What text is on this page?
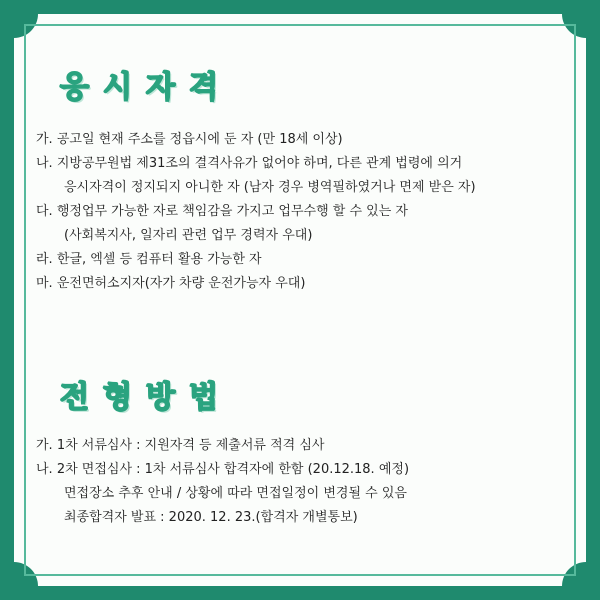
응시자격
가. 공고일 현재 주소를 정읍시에 둔 자 (만 18세 이상)
나. 지방공무원법 제31조의 결격사유가 없어야 하며, 다른 관계 법령에 의거
응시자격이 정지되지 아니한 자 (남자 경우 병역필하였거나 면제 받은 자)
다. 행정업무 가능한 자로 책임감을 가지고 업무수행 할 수 있는 자
(사회복지사, 일자리 관련 업무 경력자 우대)
라. 한글, 엑셀 등 컴퓨터 활용 가능한 자
마. 운전면허소지자(자가 차량 운전가능자 우대)
전형방법
가. 1차 서류심사 : 지원자격 등 제출서류 적격 심사
나. 2차 면접심사 : 1차 서류심사 합격자에 한함 (20.12.18. 예정)
면접장소 추후 안내 / 상황에 따라 면접일정이 변경될 수 있음
최종합격자 발표 : 2020. 12. 23.(합격자 개별통보)
